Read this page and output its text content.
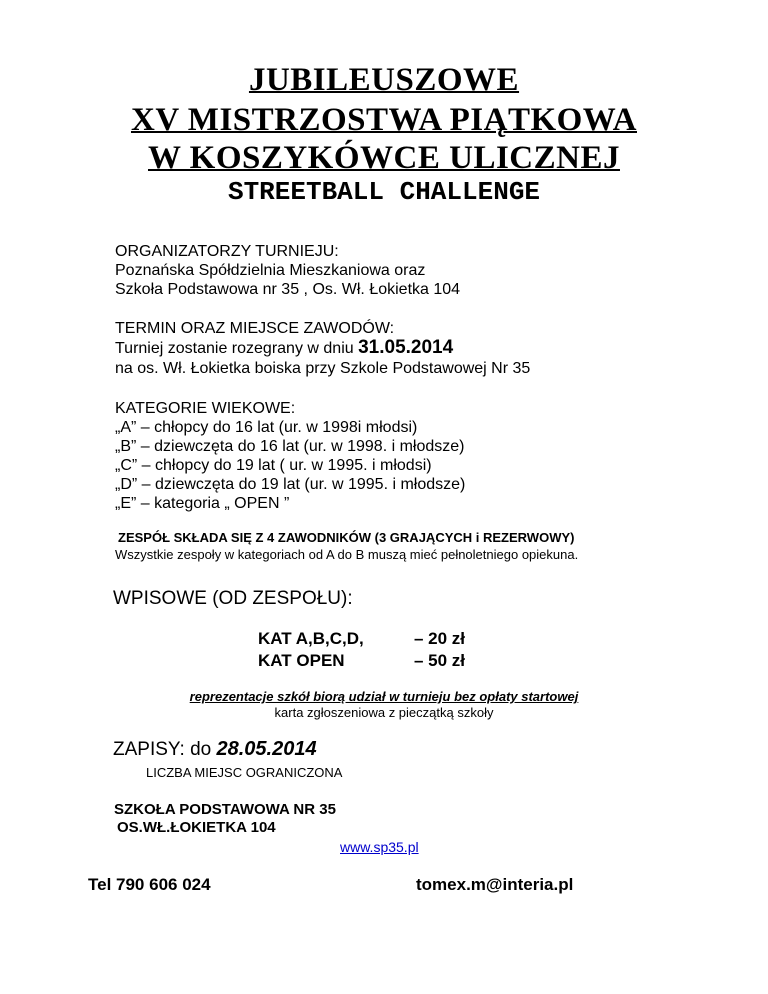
JUBILEUSZOWE
XV MISTRZOSTWA PIĄTKOWA
W KOSZYKÓWCE ULICZNEJ
STREETBALL CHALLENGE
ORGANIZATORZY TURNIEJU:
Poznańska Spółdzielnia Mieszkaniowa oraz
Szkoła Podstawowa nr 35 , Os. Wł. Łokietka 104
TERMIN ORAZ MIEJSCE ZAWODÓW:
Turniej zostanie rozegrany w dniu 31.05.2014
na os. Wł. Łokietka boiska przy Szkole Podstawowej Nr 35
KATEGORIE WIEKOWE:
„A” – chłopcy do 16 lat (ur. w 1998i młodsi)
„B” – dziewczęta do 16 lat (ur. w 1998. i młodsze)
„C” – chłopcy do 19 lat ( ur. w 1995. i młodsi)
„D” – dziewczęta do 19 lat (ur. w 1995. i młodsze)
„E” – kategoria „ OPEN ”
ZESPÓŁ SKŁADA SIĘ Z 4 ZAWODNIKÓW (3 GRAJĄCYCH i REZERWOWY)
Wszystkie zespoły w kategoriach od A do B muszą mieć pełnoletniego opiekuna.
WPISOWE (OD ZESPOŁU):
KAT A,B,C,D,	– 20 zł
KAT OPEN	– 50 zł
reprezentacje szkół biorą udział w turnieju bez opłaty startowej
karta zgłoszeniowa z pieczątką szkoły
ZAPISY: do 28.05.2014
LICZBA MIEJSC OGRANICZONA
SZKOŁA PODSTAWOWA NR 35
OS.WŁ.ŁOKIETKA 104
www.sp35.pl
Tel 790 606 024	tomex.m@interia.pl
